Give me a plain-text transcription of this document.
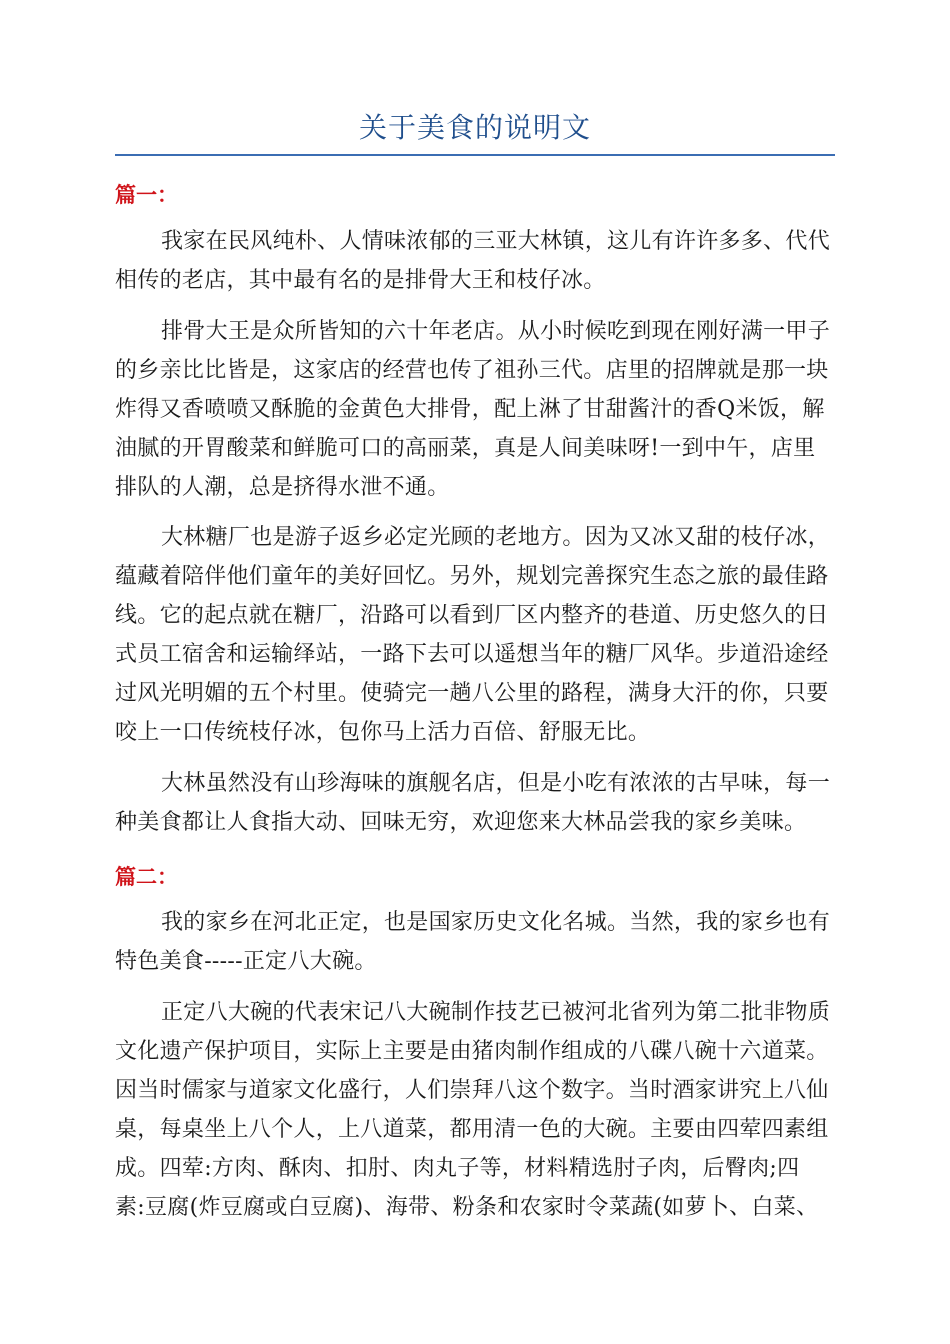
关于美食的说明文
篇一：
我家在民风纯朴、人情味浓郁的三亚大林镇，这儿有许许多多、代代
相传的老店，其中最有名的是排骨大王和枝仔冰。
排骨大王是众所皆知的六十年老店。从小时候吃到现在刚好满一甲子
的乡亲比比皆是，这家店的经营也传了祖孙三代。店里的招牌就是那一块
炸得又香喷喷又酥脆的金黄色大排骨，配上淋了甘甜酱汁的香Q米饭，解
油腻的开胃酸菜和鲜脆可口的高丽菜，真是人间美味呀!一到中午，店里
排队的人潮，总是挤得水泄不通。
大林糖厂也是游子返乡必定光顾的老地方。因为又冰又甜的枝仔冰，
蕴藏着陪伴他们童年的美好回忆。另外，规划完善探究生态之旅的最佳路
线。它的起点就在糖厂，沿路可以看到厂区内整齐的巷道、历史悠久的日
式员工宿舍和运输绎站，一路下去可以遥想当年的糖厂风华。步道沿途经
过风光明媚的五个村里。使骑完一趟八公里的路程，满身大汗的你，只要
咬上一口传统枝仔冰，包你马上活力百倍、舒服无比。
大林虽然没有山珍海味的旗舰名店，但是小吃有浓浓的古早味，每一
种美食都让人食指大动、回味无穷，欢迎您来大林品尝我的家乡美味。
篇二：
我的家乡在河北正定，也是国家历史文化名城。当然，我的家乡也有
特色美食-----正定八大碗。
正定八大碗的代表宋记八大碗制作技艺已被河北省列为第二批非物质
文化遗产保护项目，实际上主要是由猪肉制作组成的八碟八碗十六道菜。
因当时儒家与道家文化盛行，人们崇拜八这个数字。当时酒家讲究上八仙
桌，每桌坐上八个人，上八道菜，都用清一色的大碗。主要由四荤四素组
成。四荤:方肉、酥肉、扣肘、肉丸子等，材料精选肘子肉，后臀肉;四
素:豆腐(炸豆腐或白豆腐)、海带、粉条和农家时令菜蔬(如萝卜、白菜、
